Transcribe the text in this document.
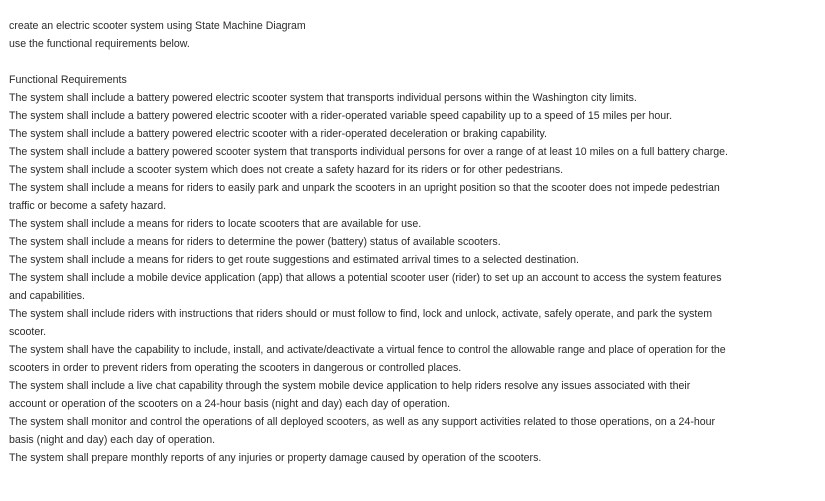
create an electric scooter system using State Machine Diagram
use the functional requirements below.
Functional Requirements
The system shall include a battery powered electric scooter system that transports individual persons within the Washington city limits.
The system shall include a battery powered electric scooter with a rider-operated variable speed capability up to a speed of 15 miles per hour.
The system shall include a battery powered electric scooter with a rider-operated deceleration or braking capability.
The system shall include a battery powered scooter system that transports individual persons for over a range of at least 10 miles on a full battery charge.
The system shall include a scooter system which does not create a safety hazard for its riders or for other pedestrians.
The system shall include a means for riders to easily park and unpark the scooters in an upright position so that the scooter does not impede pedestrian
traffic or become a safety hazard.
The system shall include a means for riders to locate scooters that are available for use.
The system shall include a means for riders to determine the power (battery) status of available scooters.
The system shall include a means for riders to get route suggestions and estimated arrival times to a selected destination.
The system shall include a mobile device application (app) that allows a potential scooter user (rider) to set up an account to access the system features
and capabilities.
The system shall include riders with instructions that riders should or must follow to find, lock and unlock, activate, safely operate, and park the system
scooter.
The system shall have the capability to include, install, and activate/deactivate a virtual fence to control the allowable range and place of operation for the
scooters in order to prevent riders from operating the scooters in dangerous or controlled places.
The system shall include a live chat capability through the system mobile device application to help riders resolve any issues associated with their
account or operation of the scooters on a 24-hour basis (night and day) each day of operation.
The system shall monitor and control the operations of all deployed scooters, as well as any support activities related to those operations, on a 24-hour
basis (night and day) each day of operation.
The system shall prepare monthly reports of any injuries or property damage caused by operation of the scooters.
